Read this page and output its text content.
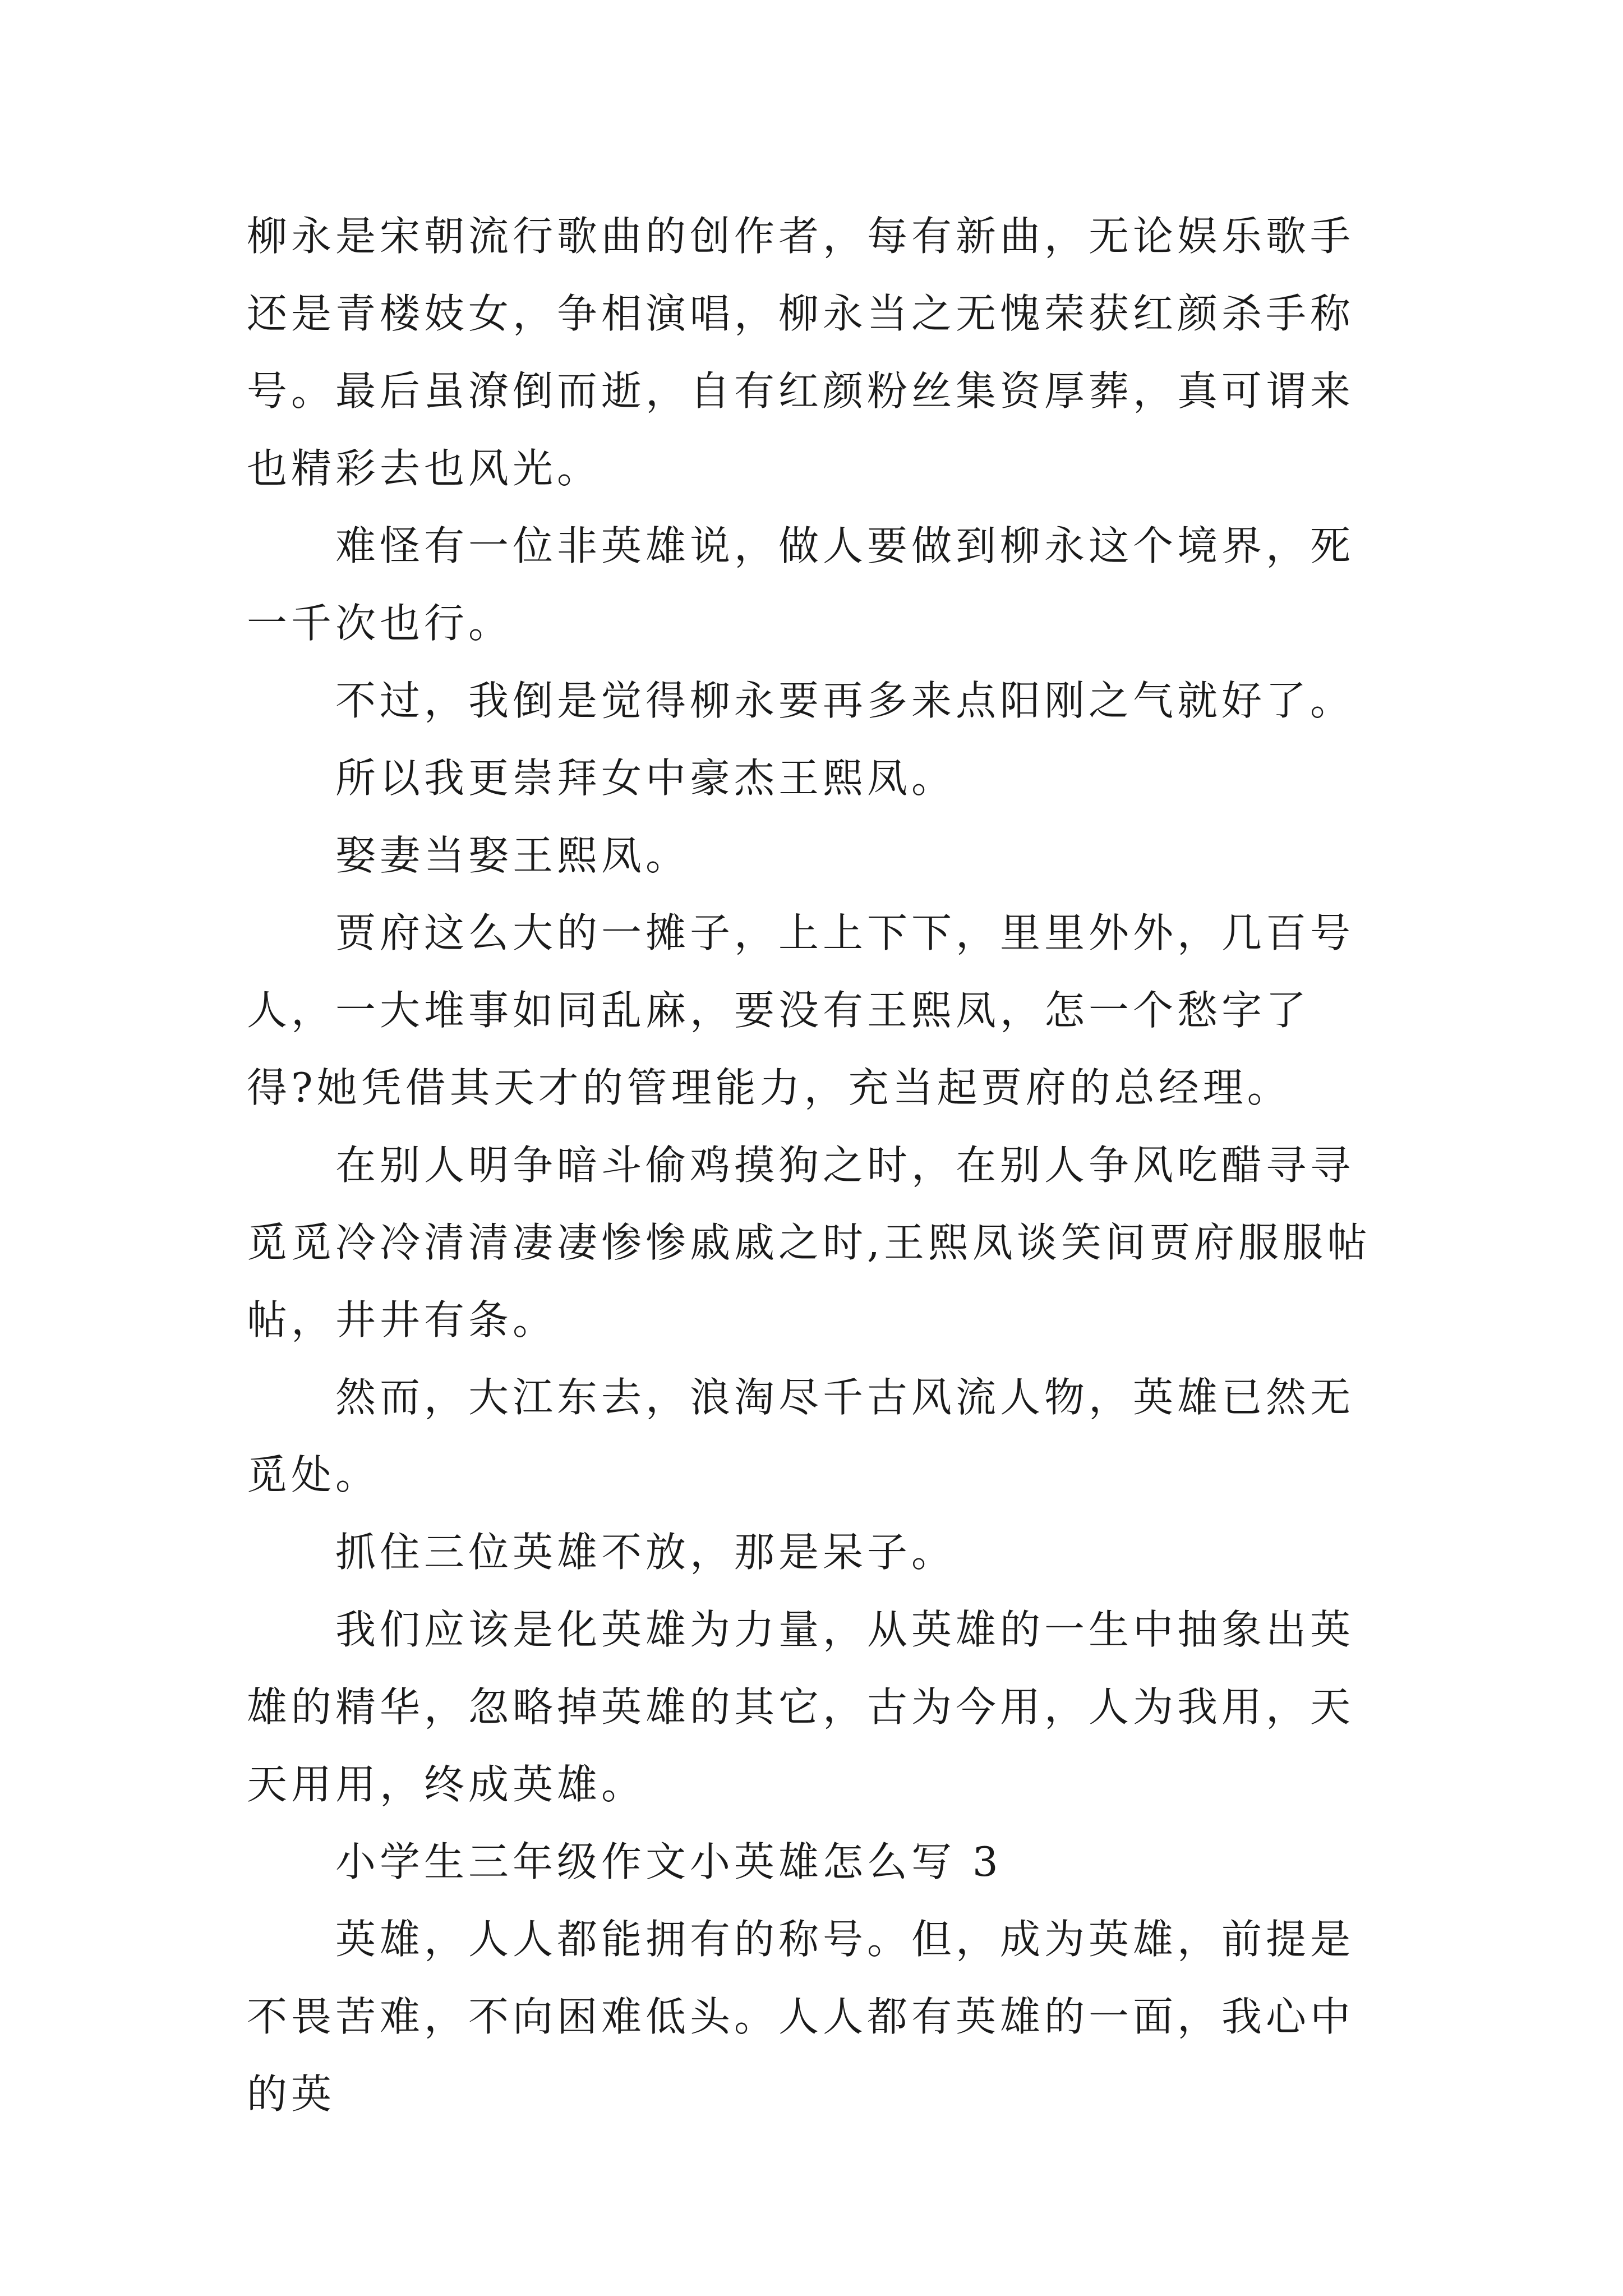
柳永是宋朝流行歌曲的创作者，每有新曲，无论娱乐歌手还是青楼妓女，争相演唱，柳永当之无愧荣获红颜杀手称号。最后虽潦倒而逝，自有红颜粉丝集资厚葬，真可谓来也精彩去也风光。

难怪有一位非英雄说，做人要做到柳永这个境界，死一千次也行。

不过，我倒是觉得柳永要再多来点阳刚之气就好了。

所以我更崇拜女中豪杰王熙凤。

娶妻当娶王熙凤。

贾府这么大的一摊子，上上下下，里里外外，几百号人，一大堆事如同乱麻，要没有王熙凤，怎一个愁字了得?她凭借其天才的管理能力，充当起贾府的总经理。

在别人明争暗斗偷鸡摸狗之时，在别人争风吃醋寻寻觅觅冷冷清清凄凄惨惨戚戚之时,王熙凤谈笑间贾府服服帖帖，井井有条。

然而，大江东去，浪淘尽千古风流人物，英雄已然无觅处。

抓住三位英雄不放，那是呆子。

我们应该是化英雄为力量，从英雄的一生中抽象出英雄的精华，忽略掉英雄的其它，古为今用，人为我用，天天用用，终成英雄。

小学生三年级作文小英雄怎么写 3

英雄，人人都能拥有的称号。但，成为英雄，前提是不畏苦难，不向困难低头。人人都有英雄的一面，我心中的英
